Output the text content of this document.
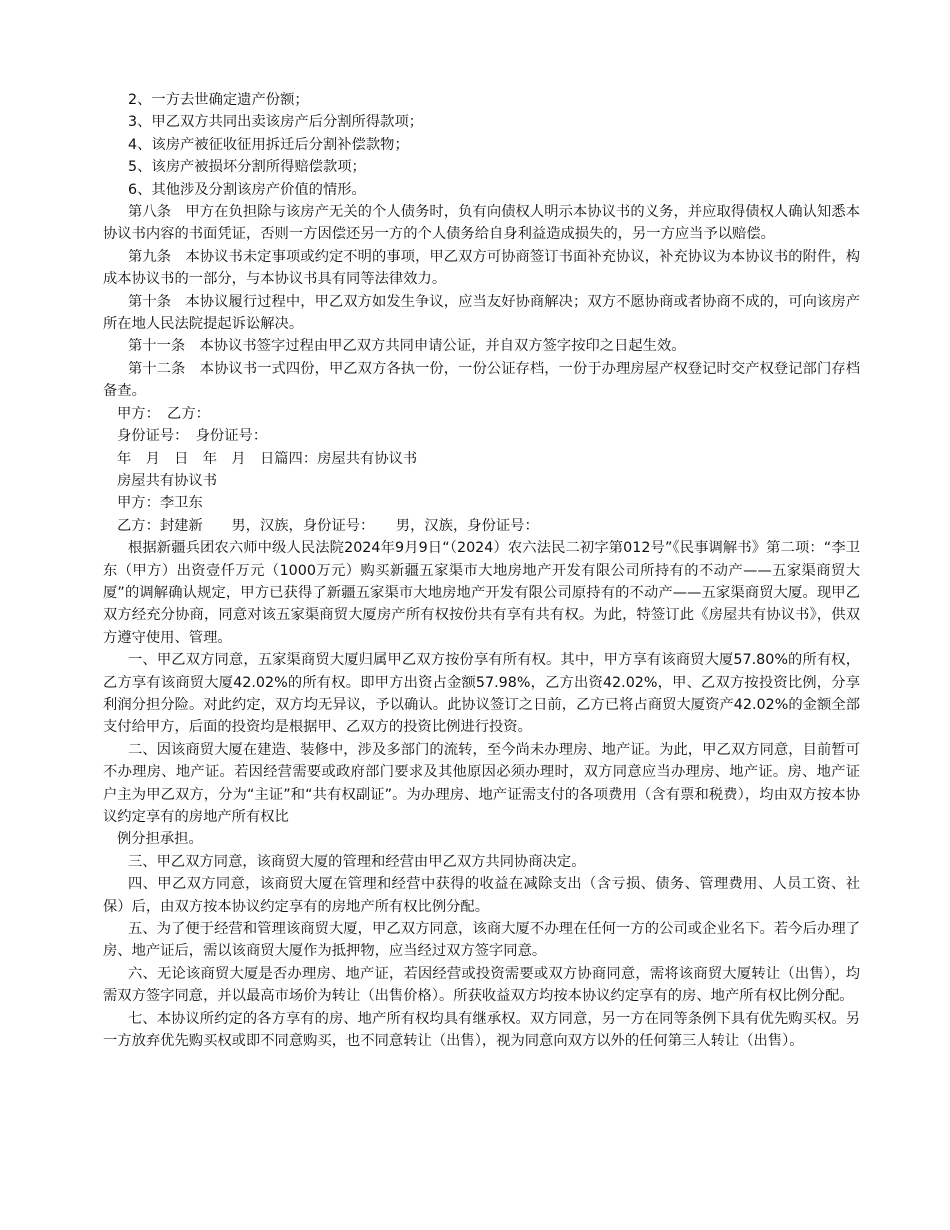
2、一方去世确定遗产份额；

3、甲乙双方共同出卖该房产后分割所得款项；

4、该房产被征收征用拆迁后分割补偿款物；

5、该房产被损坏分割所得赔偿款项；

6、其他涉及分割该房产价值的情形。

第八条　甲方在负担除与该房产无关的个人债务时，负有向债权人明示本协议书的义务，并应取得债权人确认知悉本协议书内容的书面凭证，否则一方因偿还另一方的个人债务给自身利益造成损失的，另一方应当予以赔偿。

第九条　本协议书未定事项或约定不明的事项，甲乙双方可协商签订书面补充协议，补充协议为本协议书的附件，构成本协议书的一部分，与本协议书具有同等法律效力。

第十条　本协议履行过程中，甲乙双方如发生争议，应当友好协商解决；双方不愿协商或者协商不成的，可向该房产所在地人民法院提起诉讼解决。

第十一条　本协议书签字过程由甲乙双方共同申请公证，并自双方签字按印之日起生效。

第十二条　本协议书一式四份，甲乙双方各执一份，一份公证存档，一份于办理房屋产权登记时交产权登记部门存档备查。

甲方：　乙方：

身份证号：　身份证号：

年　月　日　年　月　日篇四：房屋共有协议书

房屋共有协议书

甲方：李卫东

乙方：封建新　　男，汉族，身份证号：　　男，汉族，身份证号：

根据新疆兵团农六师中级人民法院2024年9月9日“（2024）农六法民二初字第012号”《民事调解书》第二项：“李卫东（甲方）出资壹仟万元（1000万元）购买新疆五家渠市大地房地产开发有限公司所持有的不动产——五家渠商贸大厦”的调解确认规定，甲方已获得了新疆五家渠市大地房地产开发有限公司原持有的不动产——五家渠商贸大厦。现甲乙双方经充分协商，同意对该五家渠商贸大厦房产所有权按份共有享有共有权。为此，特签订此《房屋共有协议书》，供双方遵守使用、管理。

一、甲乙双方同意，五家渠商贸大厦归属甲乙双方按份享有所有权。其中，甲方享有该商贸大厦57.80%的所有权，乙方享有该商贸大厦42.02%的所有权。即甲方出资占金额57.98%，乙方出资42.02%，甲、乙双方按投资比例，分享利润分担分险。对此约定，双方均无异议，予以确认。此协议签订之日前，乙方已将占商贸大厦资产42.02%的金额全部支付给甲方，后面的投资均是根据甲、乙双方的投资比例进行投资。

二、因该商贸大厦在建造、装修中，涉及多部门的流转，至今尚未办理房、地产证。为此，甲乙双方同意，目前暂可不办理房、地产证。若因经营需要或政府部门要求及其他原因必须办理时，双方同意应当办理房、地产证。房、地产证户主为甲乙双方，分为“主证”和“共有权副证”。为办理房、地产证需支付的各项费用（含有票和税费），均由双方按本协议约定享有的房地产所有权比

例分担承担。

三、甲乙双方同意，该商贸大厦的管理和经营由甲乙双方共同协商决定。

四、甲乙双方同意，该商贸大厦在管理和经营中获得的收益在减除支出（含亏损、债务、管理费用、人员工资、社保）后，由双方按本协议约定享有的房地产所有权比例分配。

五、为了便于经营和管理该商贸大厦，甲乙双方同意，该商大厦不办理在任何一方的公司或企业名下。若今后办理了房、地产证后，需以该商贸大厦作为抵押物，应当经过双方签字同意。

六、无论该商贸大厦是否办理房、地产证，若因经营或投资需要或双方协商同意，需将该商贸大厦转让（出售），均需双方签字同意，并以最高市场价为转让（出售价格）。所获收益双方均按本协议约定享有的房、地产所有权比例分配。

七、本协议所约定的各方享有的房、地产所有权均具有继承权。双方同意，另一方在同等条例下具有优先购买权。另一方放弃优先购买权或即不同意购买，也不同意转让（出售），视为同意向双方以外的任何第三人转让（出售）。
